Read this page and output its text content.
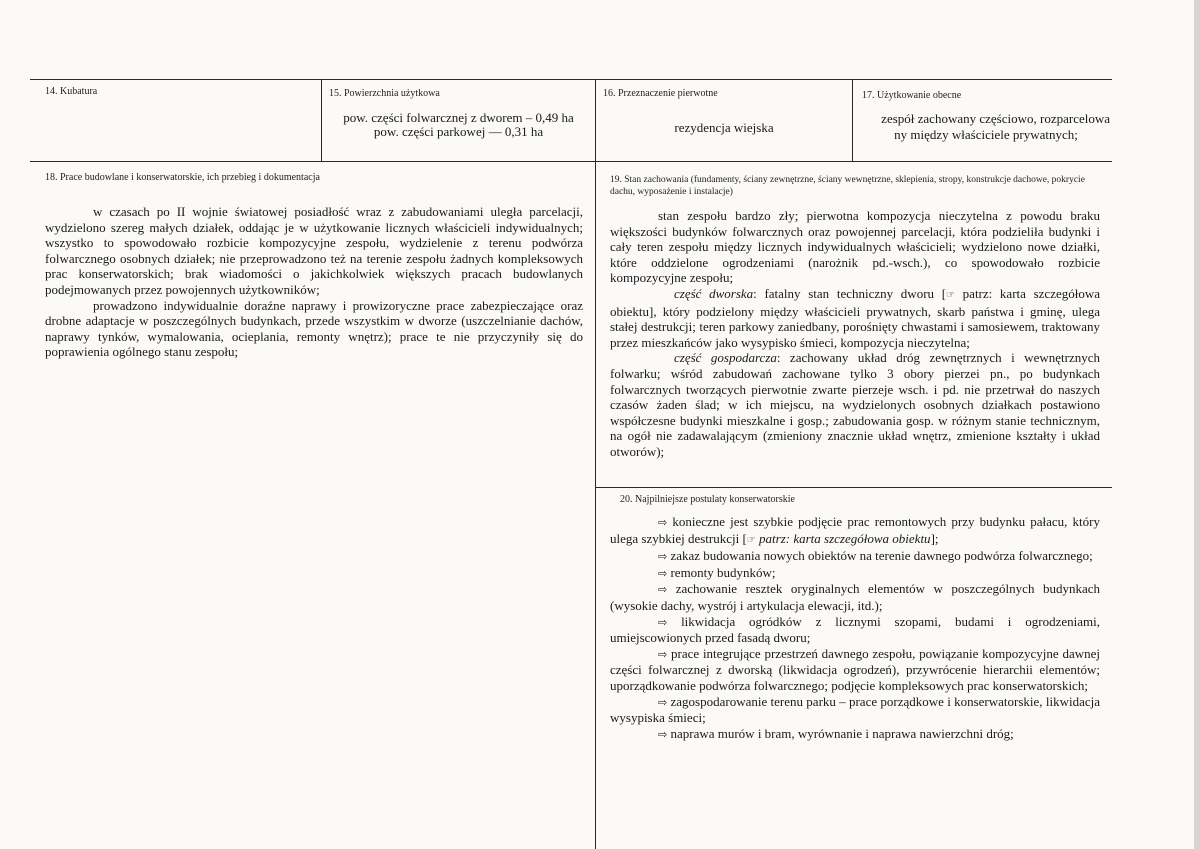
14. Kubatura	15. Powierzchnia użytkowa
pow. części folwarcznej z dworem – 0,49 ha
pow. części parkowej — 0,31 ha
16. Przeznaczenie pierwotne
rezydencja wiejska
17. Użytkowanie obecne
zespół zachowany częściowo, rozparcelowa
ny między właściciele prywatnych;
18. Prace budowlane i konserwatorskie, ich przebieg i dokumentacja

w czasach po II wojnie światowej posiadłość wraz z zabudowaniami uległa parcelacji, wydzielono szereg małych działek, oddając je w użytkowanie licznych właścicieli indywidualnych; wszystko to spowodowało rozbicie kompozycyjne zespołu, wydzielenie z terenu podwórza folwarcznego osobnych działek; nie przeprowadzono też na terenie zespołu żadnych kompleksowych prac konserwatorskich; brak wiadomości o jakichkolwiek większych pracach budowlanych podejmowanych przez powojennych użytkowników;

prowadzono indywidualnie doraźne naprawy i prowizoryczne prace zabezpieczające oraz drobne adaptacje w poszczególnych budynkach, przede wszystkim w dworze (uszczelnianie dachów, naprawy tynków, wymalowania, ocieplania, remonty wnętrz); prace te nie przyczyniły się do poprawienia ogólnego stanu zespołu;

19. Stan zachowania (fundamenty, ściany zewnętrzne, ściany wewnętrzne, sklepienia, stropy, konstrukcje dachowe, pokrycie dachu, wyposażenie i instalacje)

stan zespołu bardzo zły; pierwotna kompozycja nieczytelna z powodu braku większości budynków folwarcznych oraz powojennej parcelacji, która podzieliła budynki i cały teren zespołu między licznych indywidualnych właścicieli; wydzielono nowe działki, które oddzielone ogrodzeniami (narożnik pd.-wsch.), co spowodowało rozbicie kompozycyjne zespołu;

część dworska: fatalny stan techniczny dworu [☞ patrz: karta szczegółowa obiektu], który podzielony między właścicieli prywatnych, skarb państwa i gminę, ulega stałej destrukcji; teren parkowy zaniedbany, porośnięty chwastami i samosiewem, traktowany przez mieszkańców jako wysypisko śmieci, kompozycja nieczytelna;

część gospodarcza: zachowany układ dróg zewnętrznych i wewnętrznych folwarku; wśród zabudowań zachowane tylko 3 obory pierzei pn., po budynkach folwarcznych tworzących pierwotnie zwarte pierzeje wsch. i pd. nie przetrwał do naszych czasów żaden ślad; w ich miejscu, na wydzielonych osobnych działkach postawiono współczesne budynki mieszkalne i gosp.; zabudowania gosp. w różnym stanie technicznym, na ogół nie zadawalającym (zmieniony znacznie układ wnętrz, zmienione kształty i układ otworów);

20. Najpilniejsze postulaty konserwatorskie

⇨ konieczne jest szybkie podjęcie prac remontowych przy budynku pałacu, który ulega szybkiej destrukcji [☞ patrz: karta szczegółowa obiektu];

⇨ zakaz budowania nowych obiektów na terenie dawnego podwórza folwarcznego;

⇨ remonty budynków;

⇨ zachowanie resztek oryginalnych elementów w poszczególnych budynkach (wysokie dachy, wystrój i artykulacja elewacji, itd.);

⇨ likwidacja ogródków z licznymi szopami, budami i ogrodzeniami, umiejscowionych przed fasadą dworu;

⇨ prace integrujące przestrzeń dawnego zespołu, powiązanie kompozycyjne dawnej części folwarcznej z dworską (likwidacja ogrodzeń), przywrócenie hierarchii elementów; uporządkowanie podwórza folwarcznego; podjęcie kompleksowych prac konserwatorskich;

⇨ zagospodarowanie terenu parku – prace porządkowe i konserwatorskie, likwidacja wysypiska śmieci;

⇨ naprawa murów i bram, wyrównanie i naprawa nawierzchni dróg;
